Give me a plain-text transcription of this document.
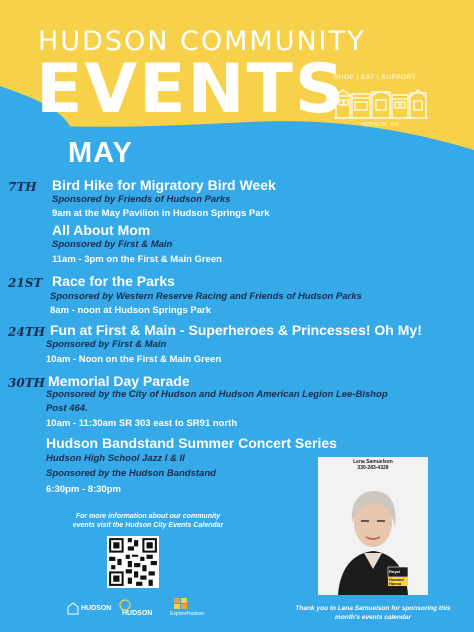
HUDSON COMMUNITY
EVENTS
SHOP | EAT | SUPPORT
HUDSON, OH
MAY
7TH Bird Hike for Migratory Bird Week
Sponsored by Friends of Hudson Parks
9am at the May Pavilion in Hudson Springs Park
All About Mom
Sponsored by First & Main
11am - 3pm on the First & Main Green
21ST Race for the Parks
Sponsored by Western Reserve Racing and Friends of Hudson Parks
8am - noon at Hudson Springs Park
24TH Fun at First & Main - Superheroes & Princesses! Oh My!
Sponsored by First & Main
10am - Noon on the First & Main Green
30TH Memorial Day Parade
Sponsored by the City of Hudson and Hudson American Legion Lee-Bishop
Post 464.
10am - 11:30am SR 303 east to SR91 north
Hudson Bandstand Summer Concert Series
Hudson High School Jazz I & II
Sponsored by the Hudson Bandstand
6:30pm - 8:30pm
For more information about our community
events visit the Hudson City Events Calendar
HUDSON
HUDSON	ExploreHudson
Lena Samuelson
330-283-4328
Royal
Howard Hanna
Thank you to Lena Samuelson for sponsoring this
month's events calendar
